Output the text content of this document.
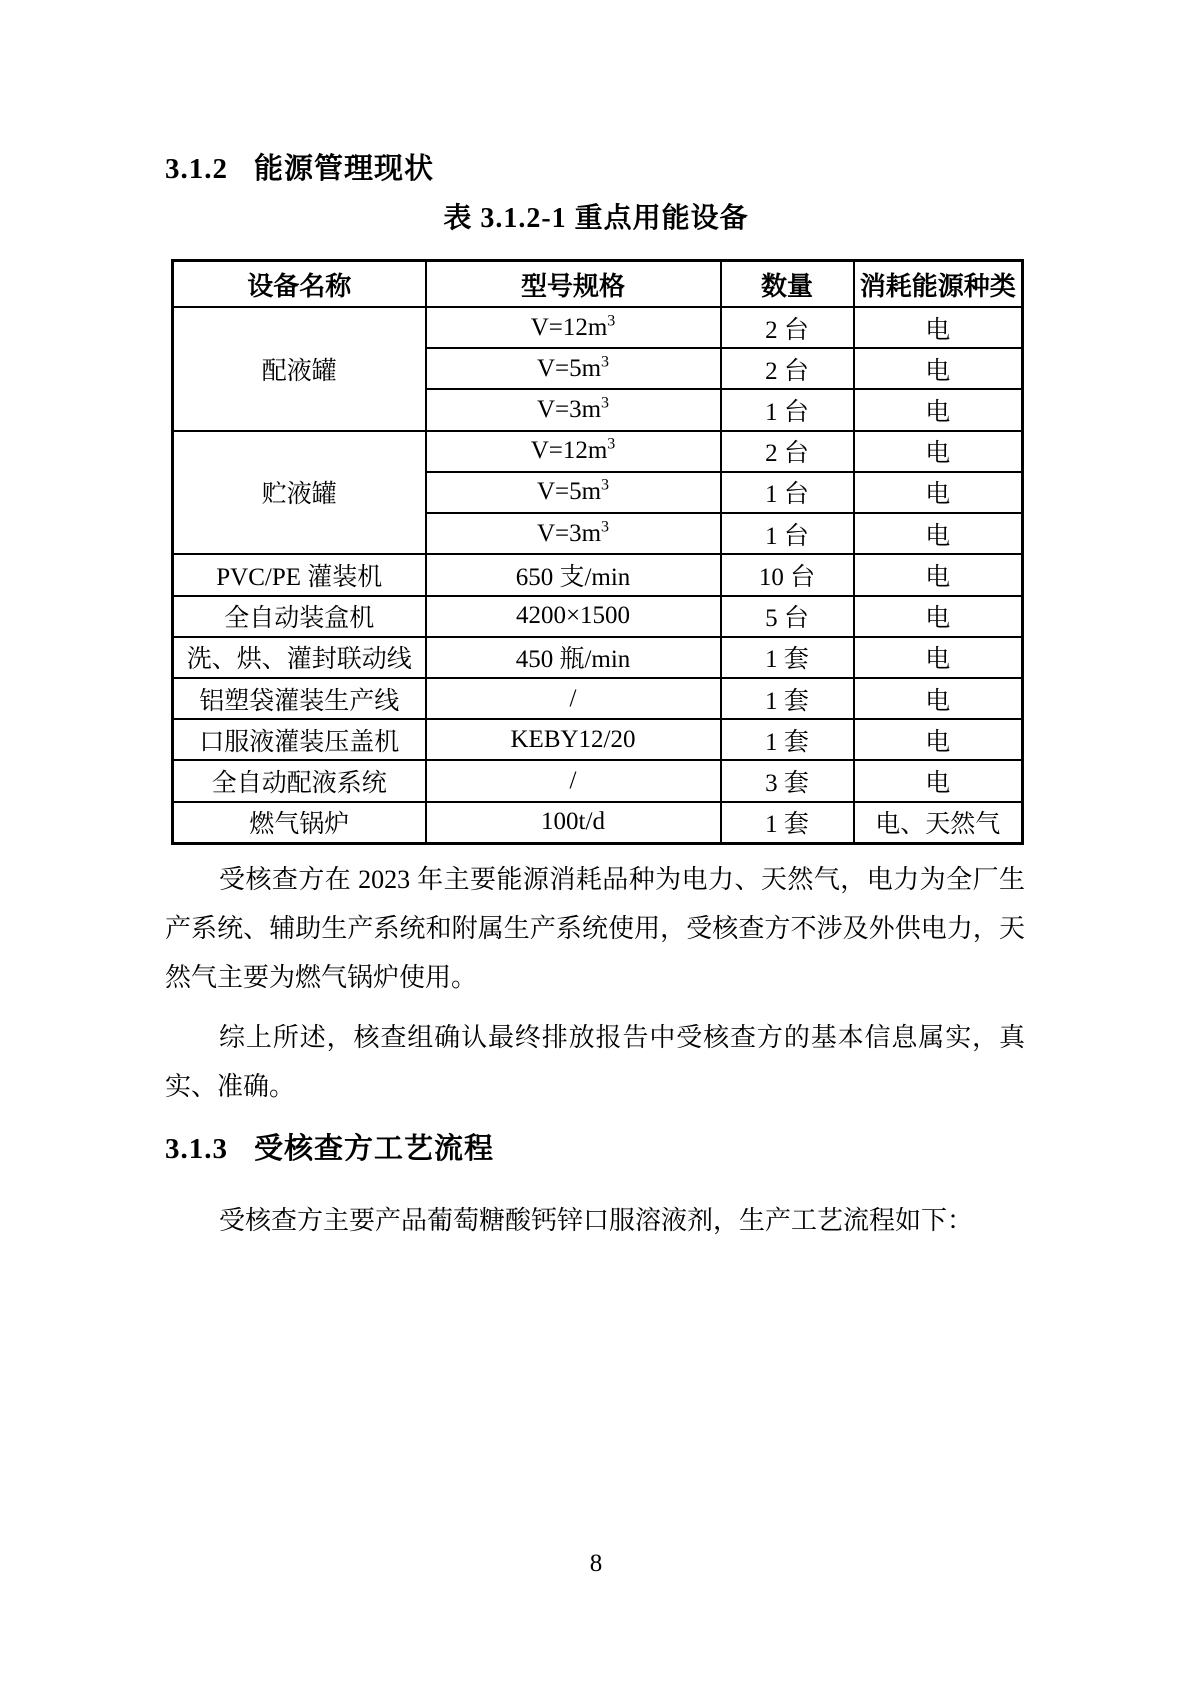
3.1.2 能源管理现状
表 3.1.2-1 重点用能设备
设备名称	型号规格	数量	消耗能源种类
配液罐	$V=12m^3$	2 台	电
	$V=5m^3$	2 台	电
	$V=3m^3$	1 台	电
贮液罐	$V=12m^3$	2 台	电
	$V=5m^3$	1 台	电
	$V=3m^3$	1 台	电
PVC/PE 灌装机	650 支/min	10 台	电
全自动装盒机	4200×1500	5 台	电
洗、烘、灌封联动线	450 瓶/min	1 套	电
铝塑袋灌装生产线	/	1 套	电
口服液灌装压盖机	KEBY12/20	1 套	电
全自动配液系统	/	3 套	电
燃气锅炉	100t/d	1 套	电、天然气

受核查方在 2023 年主要能源消耗品种为电力、天然气，电力为全厂生产系统、辅助生产系统和附属生产系统使用，受核查方不涉及外供电力，天然气主要为燃气锅炉使用。

综上所述，核查组确认最终排放报告中受核查方的基本信息属实，真实、准确。

3.1.3 受核查方工艺流程

受核查方主要产品葡萄糖酸钙锌口服溶液剂，生产工艺流程如下：

8
